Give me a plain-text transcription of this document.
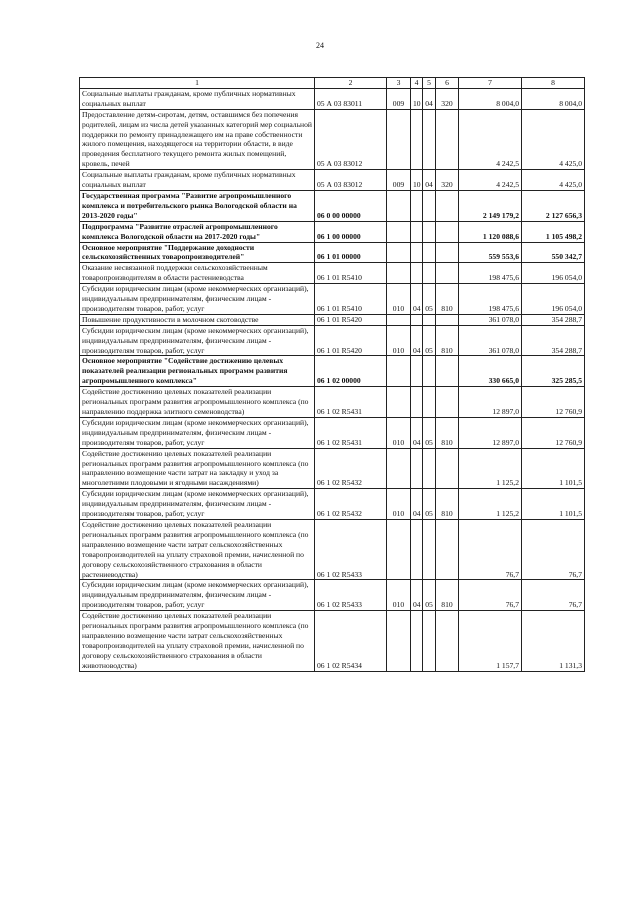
24
1	2	3	4	5	6	7	8
Социальные выплаты гражданам, кроме публичных нормативных социальных выплат	05 А 03 83011	009	10	04	320	8 004,0	8 004,0
Предоставление детям-сиротам, детям, оставшимся без попечения родителей, лицам из числа детей указанных категорий мер социальной поддержки по ремонту принадлежащего им на праве собственности жилого помещения, находящегося на территории области, в виде проведения бесплатного текущего ремонта жилых помещений, кровель, печей	05 А 03 83012					4 242,5	4 425,0
Социальные выплаты гражданам, кроме публичных нормативных социальных выплат	05 А 03 83012	009	10	04	320	4 242,5	4 425,0
Государственная программа "Развитие агропромышленного комплекса и потребительского рынка Вологодской области на 2013-2020 годы"	06 0 00 00000					2 149 179,2	2 127 656,3
Подпрограмма "Развитие отраслей агропромышленного комплекса Вологодской области на 2017-2020 годы"	06 1 00 00000					1 120 088,6	1 105 498,2
Основное мероприятие "Поддержание доходности сельскохозяйственных товаропроизводителей"	06 1 01 00000					559 553,6	550 342,7
Оказание несвязанной поддержки сельскохозяйственным товаропроизводителям в области растениеводства	06 1 01 R5410					198 475,6	196 054,0
Субсидии юридическим лицам (кроме некоммерческих организаций), индивидуальным предпринимателям, физическим лицам - производителям товаров, работ, услуг	06 1 01 R5410	010	04	05	810	198 475,6	196 054,0
Повышение продуктивности в молочном скотоводстве	06 1 01 R5420					361 078,0	354 288,7
Субсидии юридическим лицам (кроме некоммерческих организаций), индивидуальным предпринимателям, физическим лицам - производителям товаров, работ, услуг	06 1 01 R5420	010	04	05	810	361 078,0	354 288,7
Основное мероприятие "Содействие достижению целевых показателей реализации региональных программ развития агропромышленного комплекса"	06 1 02 00000					330 665,0	325 285,5
Содействие достижению целевых показателей реализации региональных программ развития агропромышленного комплекса (по направлению поддержка элитного семеноводства)	06 1 02 R5431					12 897,0	12 760,9
Субсидии юридическим лицам (кроме некоммерческих организаций), индивидуальным предпринимателям, физическим лицам - производителям товаров, работ, услуг	06 1 02 R5431	010	04	05	810	12 897,0	12 760,9
Содействие достижению целевых показателей реализации региональных программ развития агропромышленного комплекса (по направлению возмещение части затрат на закладку и уход за многолетними плодовыми и ягодными насаждениями)	06 1 02 R5432					1 125,2	1 101,5
Субсидии юридическим лицам (кроме некоммерческих организаций), индивидуальным предпринимателям, физическим лицам - производителям товаров, работ, услуг	06 1 02 R5432	010	04	05	810	1 125,2	1 101,5
Содействие достижению целевых показателей реализации региональных программ развития агропромышленного комплекса (по направлению возмещение части затрат сельскохозяйственных товаропроизводителей на уплату страховой премии, начисленной по договору сельскохозяйственного страхования в области растениеводства)	06 1 02 R5433					76,7	76,7
Субсидии юридическим лицам (кроме некоммерческих организаций), индивидуальным предпринимателям, физическим лицам - производителям товаров, работ, услуг	06 1 02 R5433	010	04	05	810	76,7	76,7
Содействие достижению целевых показателей реализации региональных программ развития агропромышленного комплекса (по направлению возмещение части затрат сельскохозяйственных товаропроизводителей на уплату страховой премии, начисленной по договору сельскохозяйственного страхования в области животноводства)	06 1 02 R5434					1 157,7	1 131,3
